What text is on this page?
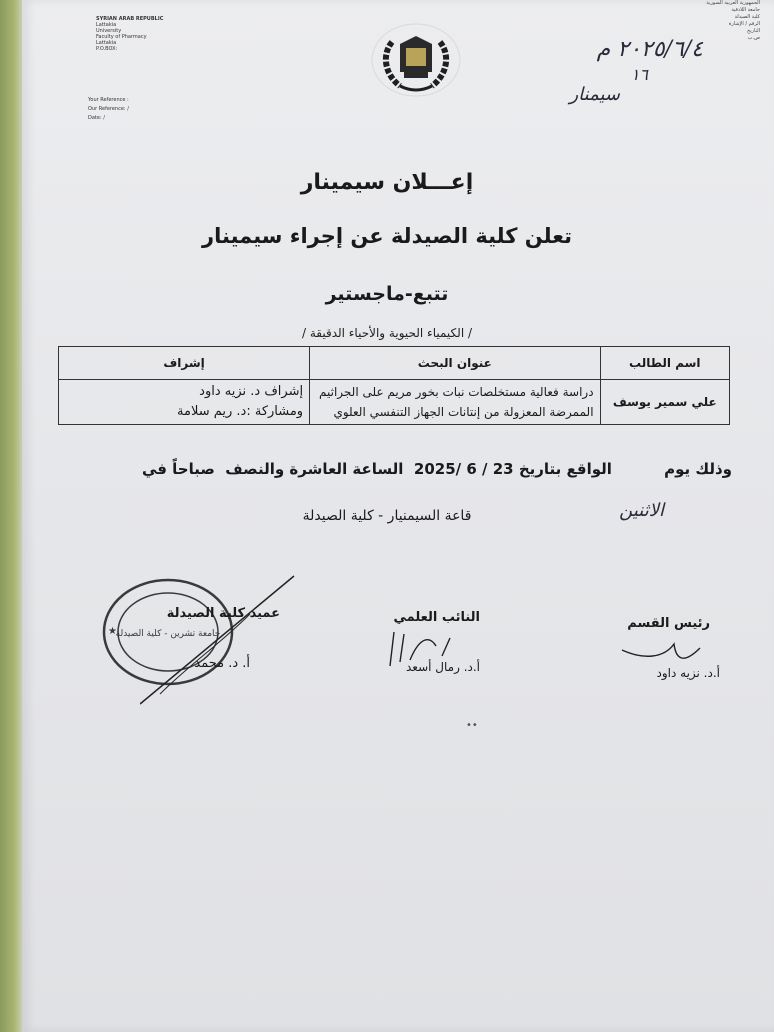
SYRIAN ARAB REPUBLIC
Lattakia
University
Faculty of Pharmacy
Lattakia
P.O.BOX:
Your Reference :
Our Reference: /
Date: /
الجمهورية العربية السورية
جامعة اللاذقية
كلية الصيدلة
الرقم / الإشارة
التاريخ
ص.ب
٢٠٢٥/٦/٤ م
١٦
سيمنار
إعـــلان سيمينار
تعلن كلية الصيدلة عن إجراء سيمينار
تتبع-ماجستير
/ الكيمياء الحيوية والأحياء الدقيقة /
اسم الطالب	عنوان البحث	إشراف
علي سمير يوسف	دراسة فعالية مستخلصات نبات بخور مريم على الجراثيم الممرضة المعزولة من إنتانات الجهاز التنفسي العلوي	إشراف د. نزيه داود
ومشاركة :د. ريم سلامة
وذلك يوم          الواقع بتاريخ 23 / 6 /2025  الساعة العاشرة والنصف  صباحاً في
الاثنين
قاعة السيمنيار - كلية الصيدلة
جامعة تشرين - كلية الصيدلة
★
عميد كلية الصيدلة
أ. د. محمد
النائب العلمي
أ.د. رمال أسعد
رئيس القسم
أ.د. نزيه داود
••
